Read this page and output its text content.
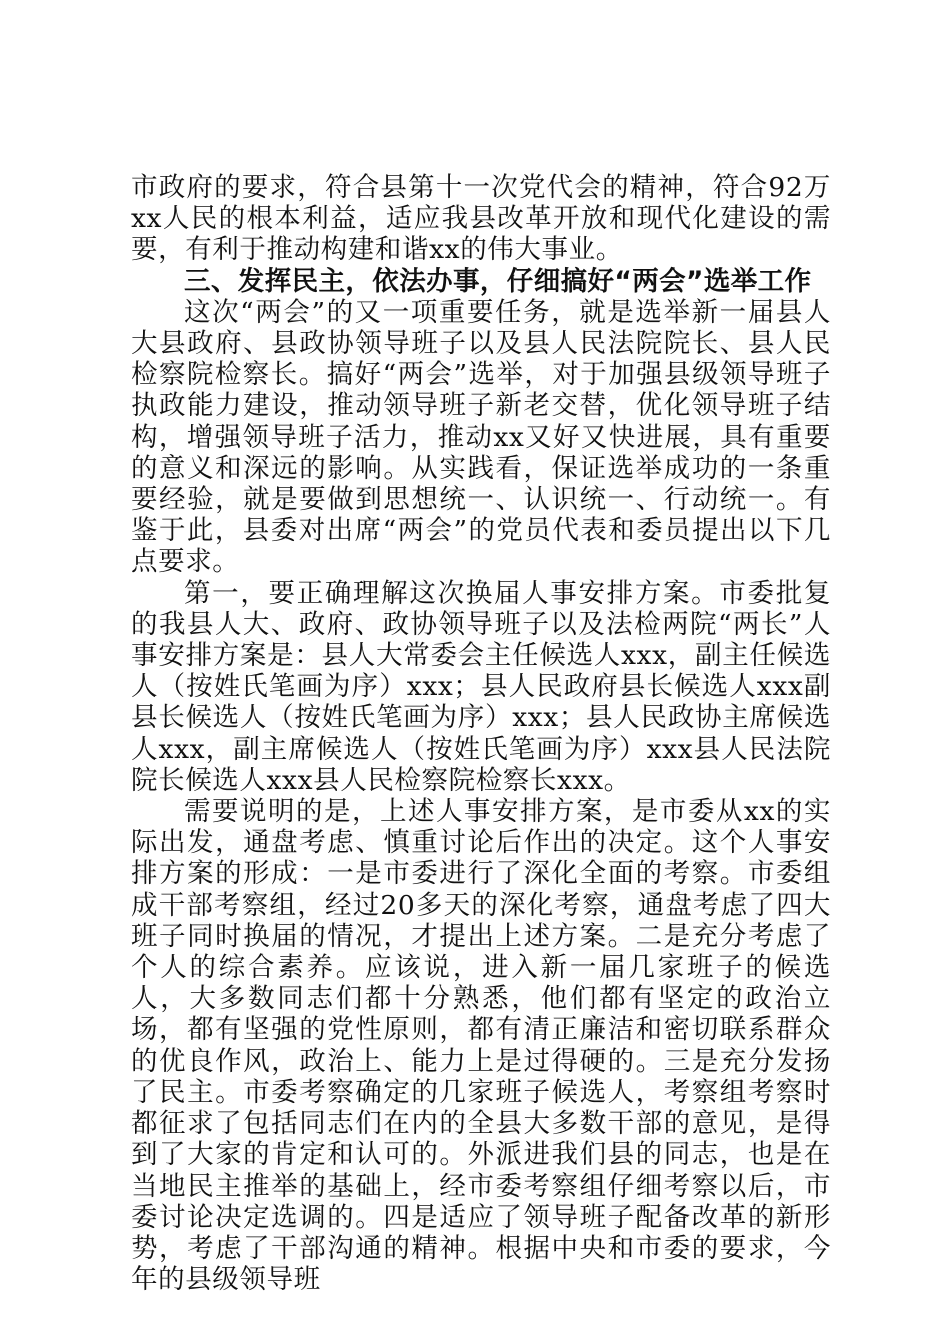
市政府的要求，符合县第十一次党代会的精神，符合92万xx人民的根本利益，适应我县改革开放和现代化建设的需要，有利于推动构建和谐xx的伟大事业。

三、发挥民主，依法办事，仔细搞好“两会”选举工作

这次“两会”的又一项重要任务，就是选举新一届县人大县政府、县政协领导班子以及县人民法院院长、县人民检察院检察长。搞好“两会”选举，对于加强县级领导班子执政能力建设，推动领导班子新老交替，优化领导班子结构，增强领导班子活力，推动xx又好又快进展，具有重要的意义和深远的影响。从实践看，保证选举成功的一条重要经验，就是要做到思想统一、认识统一、行动统一。有鉴于此，县委对出席“两会”的党员代表和委员提出以下几点要求。

第一，要正确理解这次换届人事安排方案。市委批复的我县人大、政府、政协领导班子以及法检两院“两长”人事安排方案是：县人大常委会主任候选人xxx，副主任候选人（按姓氏笔画为序）xxx；县人民政府县长候选人xxx副县长候选人（按姓氏笔画为序）xxx；县人民政协主席候选人xxx，副主席候选人（按姓氏笔画为序）xxx县人民法院院长候选人xxx县人民检察院检察长xxx。

需要说明的是，上述人事安排方案，是市委从xx的实际出发，通盘考虑、慎重讨论后作出的决定。这个人事安排方案的形成：一是市委进行了深化全面的考察。市委组成干部考察组，经过20多天的深化考察，通盘考虑了四大班子同时换届的情况，才提出上述方案。二是充分考虑了个人的综合素养。应该说，进入新一届几家班子的候选人，大多数同志们都十分熟悉，他们都有坚定的政治立场，都有坚强的党性原则，都有清正廉洁和密切联系群众的优良作风，政治上、能力上是过得硬的。三是充分发扬了民主。市委考察确定的几家班子候选人，考察组考察时都征求了包括同志们在内的全县大多数干部的意见，是得到了大家的肯定和认可的。外派进我们县的同志，也是在当地民主推举的基础上，经市委考察组仔细考察以后，市委讨论决定选调的。四是适应了领导班子配备改革的新形势，考虑了干部沟通的精神。根据中央和市委的要求，今年的县级领导班
